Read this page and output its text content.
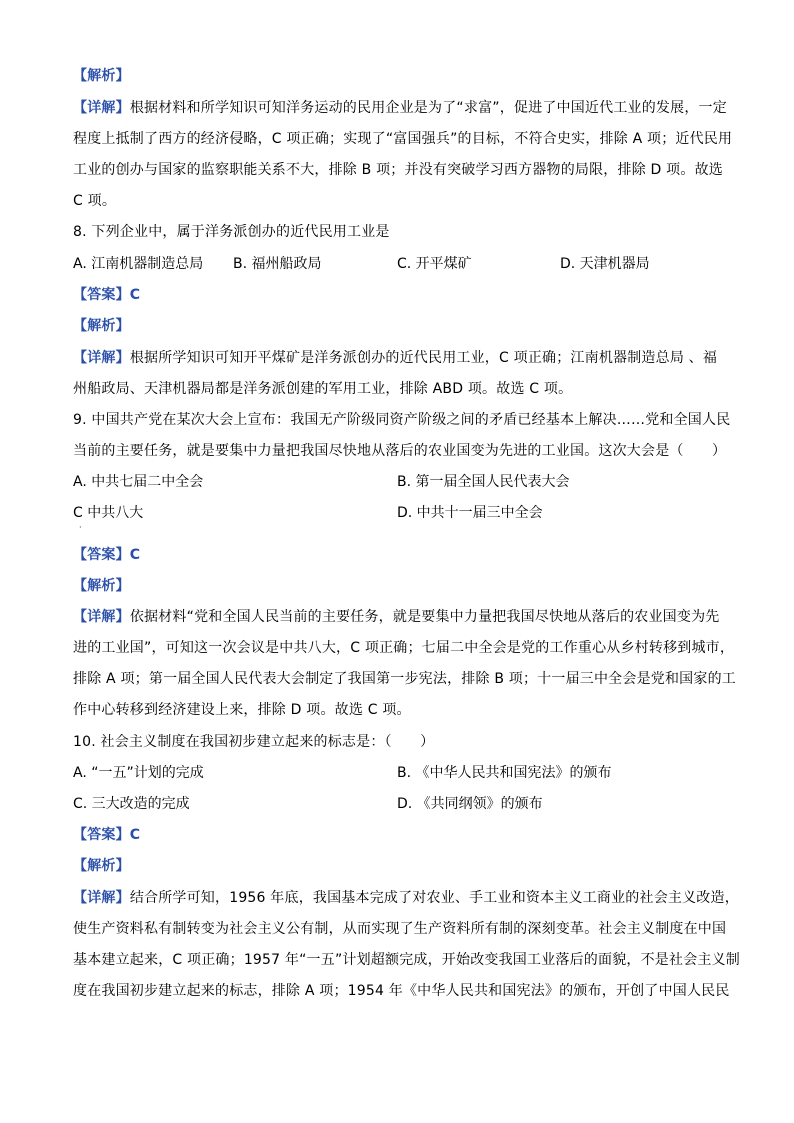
【解析】
【详解】根据材料和所学知识可知洋务运动的民用企业是为了“求富”，促进了中国近代工业的发展，一定
程度上抵制了西方的经济侵略，C 项正确；实现了“富国强兵”的目标，不符合史实，排除 A 项；近代民用
工业的创办与国家的监察职能关系不大，排除 B 项；并没有突破学习西方器物的局限，排除 D 项。故选
C 项。
8. 下列企业中，属于洋务派创办的近代民用工业是
A. 江南机器制造总局 B. 福州船政局	C. 开平煤矿	D. 天津机器局
【答案】C
【解析】
【详解】根据所学知识可知开平煤矿是洋务派创办的近代民用工业，C 项正确；江南机器制造总局 、福
州船政局、天津机器局都是洋务派创建的军用工业，排除 ABD 项。故选 C 项。
9. 中国共产党在某次大会上宣布：我国无产阶级同资产阶级之间的矛盾已经基本上解决……党和全国人民
当前的主要任务，就是要集中力量把我国尽快地从落后的农业国变为先进的工业国。这次大会是（　　）
A. 中共七届二中全会	B. 第一届全国人民代表大会
C 中共八大	D. 中共十一届三中全会
·
【答案】C
【解析】
【详解】依据材料“党和全国人民当前的主要任务，就是要集中力量把我国尽快地从落后的农业国变为先
进的工业国”，可知这一次会议是中共八大，C 项正确；七届二中全会是党的工作重心从乡村转移到城市，
排除 A 项；第一届全国人民代表大会制定了我国第一步宪法，排除 B 项；十一届三中全会是党和国家的工
作中心转移到经济建设上来，排除 D 项。故选 C 项。
10. 社会主义制度在我国初步建立起来的标志是：（　　）
A. “一五”计划的完成	B. 《中华人民共和国宪法》的颁布
C. 三大改造的完成	D. 《共同纲领》的颁布
【答案】C
【解析】
【详解】结合所学可知，1956 年底，我国基本完成了对农业、手工业和资本主义工商业的社会主义改造，
使生产资料私有制转变为社会主义公有制，从而实现了生产资料所有制的深刻变革。社会主义制度在中国
基本建立起来，C 项正确；1957 年“一五”计划超额完成，开始改变我国工业落后的面貌，不是社会主义制
度在我国初步建立起来的标志，排除 A 项；1954 年《中华人民共和国宪法》的颁布，开创了中国人民民
